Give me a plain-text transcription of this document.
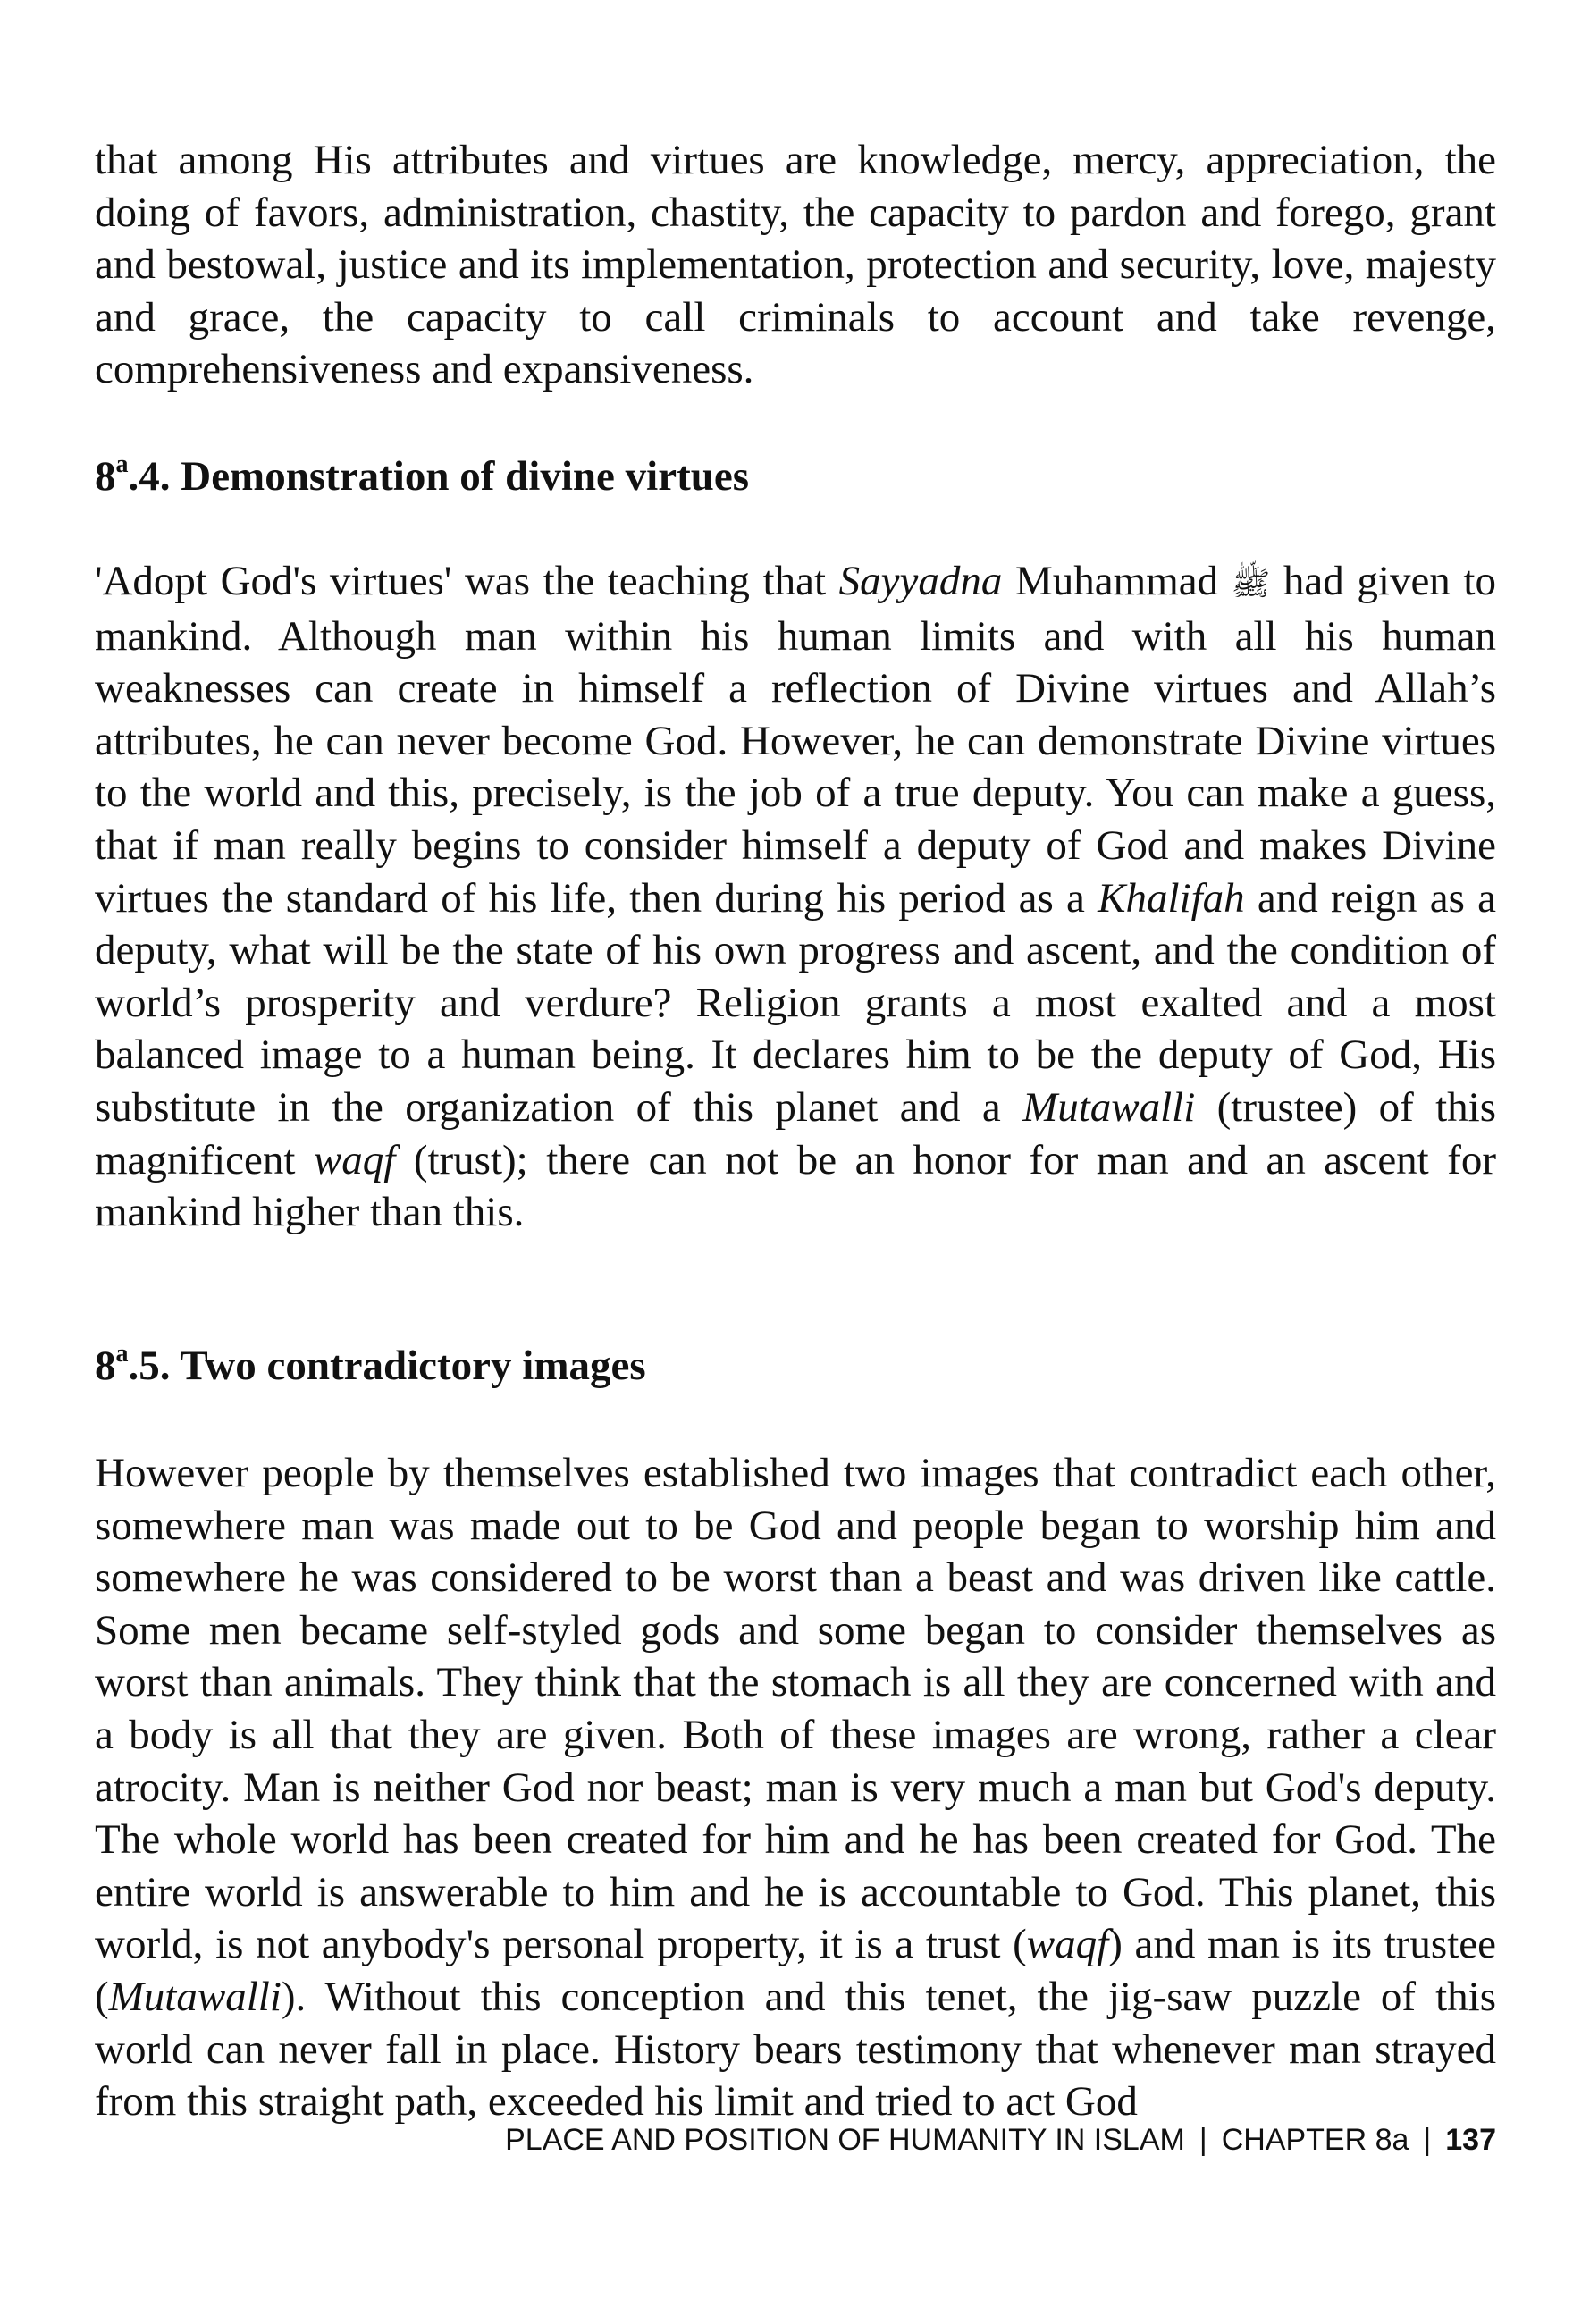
that among His attributes and virtues are knowledge, mercy, appreciation, the doing of favors, administration, chastity, the capacity to pardon and forego, grant and bestowal, justice and its implementation, protection and security, love, majesty and grace, the capacity to call criminals to account and take revenge, comprehensiveness and expansiveness.

8$^a$.4. Demonstration of divine virtues

'Adopt God's virtues' was the teaching that Sayyadna Muhammad ﷺ had given to mankind. Although man within his human limits and with all his human weaknesses can create in himself a reflection of Divine virtues and Allah’s attributes, he can never become God. However, he can demonstrate Divine virtues to the world and this, precisely, is the job of a true deputy. You can make a guess, that if man really begins to consider himself a deputy of God and makes Divine virtues the standard of his life, then during his period as a Khalifah and reign as a deputy, what will be the state of his own progress and ascent, and the condition of world’s prosperity and verdure? Religion grants a most exalted and a most balanced image to a human being. It declares him to be the deputy of God, His substitute in the organization of this planet and a Mutawalli (trustee) of this magnificent waqf (trust); there can not be an honor for man and an ascent for mankind higher than this.

8$^a$.5. Two contradictory images

However people by themselves established two images that contradict each other, somewhere man was made out to be God and people began to worship him and somewhere he was considered to be worst than a beast and was driven like cattle. Some men became self-styled gods and some began to consider themselves as worst than animals. They think that the stomach is all they are concerned with and a body is all that they are given. Both of these images are wrong, rather a clear atrocity. Man is neither God nor beast; man is very much a man but God's deputy. The whole world has been created for him and he has been created for God. The entire world is answerable to him and he is accountable to God. This planet, this world, is not anybody's personal property, it is a trust (waqf) and man is its trustee (Mutawalli). Without this conception and this tenet, the jig-saw puzzle of this world can never fall in place. History bears testimony that whenever man strayed from this straight path, exceeded his limit and tried to act God

PLACE AND POSITION OF HUMANITY IN ISLAM | CHAPTER 8a | 137
